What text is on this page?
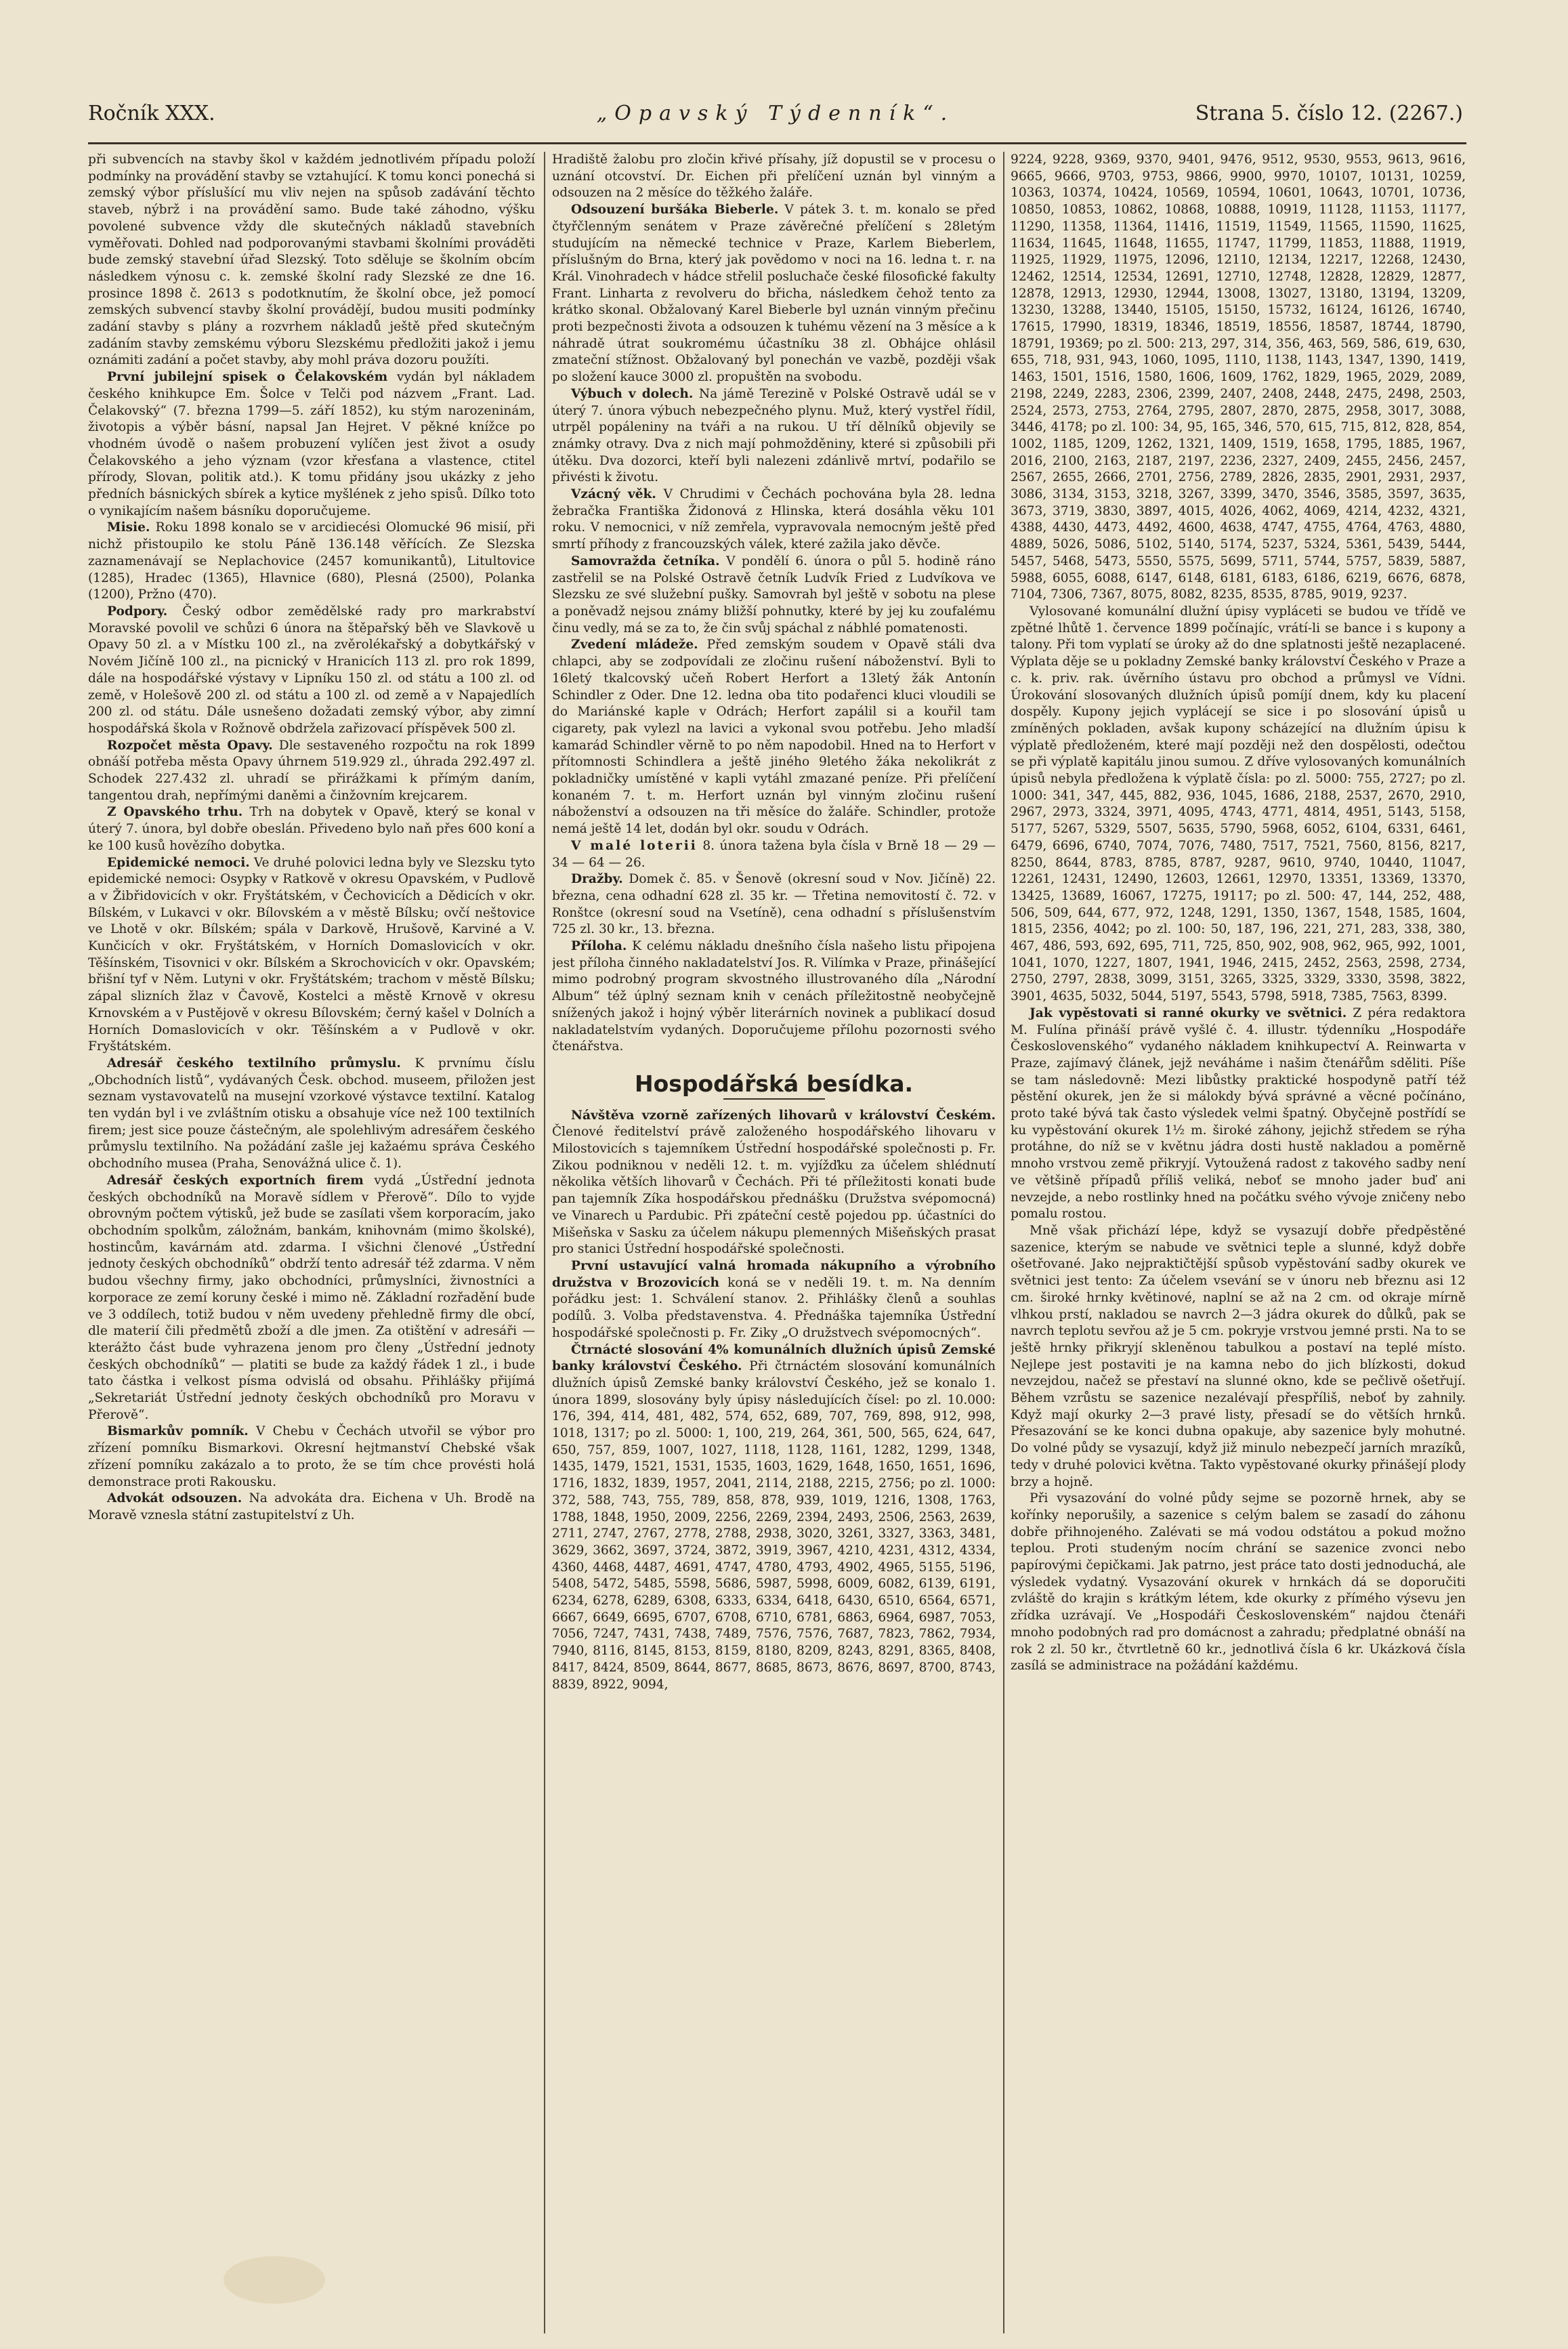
Ročník XXX.	„Opavský Týdenník“.	Strana 5. číslo 12. (2267.)

při subvencích na stavby škol v každém jednotlivém případu položí podmínky na provádění stavby se vztahující. K tomu konci ponechá si zemský výbor příslušící mu vliv nejen na spůsob zadávání těchto staveb, nýbrž i na provádění samo. Bude také záhodno, výšku povolené subvence vždy dle skutečných nákladů stavebních vyměřovati. Dohled nad podporovanými stavbami školními prováděti bude zemský stavební úřad Slezský. Toto sděluje se školním obcím následkem výnosu c. k. zemské školní rady Slezské ze dne 16. prosince 1898 č. 2613 s podotknutím, že školní obce, jež pomocí zemských subvencí stavby školní provádějí, budou musiti podmínky zadání stavby s plány a rozvrhem nákladů ještě před skutečným zadáním stavby zemskému výboru Slezskému předložiti jakož i jemu oznámiti zadání a počet stavby, aby mohl práva dozoru použíti.

První jubilejní spisek o Čelakovském vydán byl nákladem českého knihkupce Em. Šolce v Telči pod názvem „Frant. Lad. Čelakovský“ (7. března 1799—5. září 1852), ku stým narozeninám, životopis a výběr básní, napsal Jan Hejret. V pěkné knížce po vhodném úvodě o našem probuzení vylíčen jest život a osudy Čelakovského a jeho význam (vzor křesťana a vlastence, ctitel přírody, Slovan, politik atd.). K tomu přidány jsou ukázky z jeho předních básnických sbírek a kytice myšlének z jeho spisů. Dílko toto o vynikajícím našem básníku doporučujeme.

Misie. Roku 1898 konalo se v arcidiecési Olomucké 96 misií, při nichž přistoupilo ke stolu Páně 136.148 věřících. Ze Slezska zaznamenávají se Neplachovice (2457 komunikantů), Litultovice (1285), Hradec (1365), Hlavnice (680), Plesná (2500), Polanka (1200), Pržno (470).

Podpory. Český odbor zemědělské rady pro markrabství Moravské povolil ve schůzi 6 února na štěpařský běh ve Slavkově u Opavy 50 zl. a v Místku 100 zl., na zvěrolékařský a dobytkářský v Novém Jičíně 100 zl., na picnický v Hranicích 113 zl. pro rok 1899, dále na hospodářské výstavy v Lipníku 150 zl. od státu a 100 zl. od země, v Holešově 200 zl. od státu a 100 zl. od země a v Napajedlích 200 zl. od státu. Dále usnešeno dožadati zemský výbor, aby zimní hospodářská škola v Rožnově obdržela zařizovací příspěvek 500 zl.

Rozpočet města Opavy. Dle sestaveného rozpočtu na rok 1899 obnáší potřeba města Opavy úhrnem 519.929 zl., úhrada 292.497 zl. Schodek 227.432 zl. uhradí se přirážkami k přímým daním, tangentou drah, nepřímými daněmi a činžovním krejcarem.

Z Opavského trhu. Trh na dobytek v Opavě, který se konal v úterý 7. února, byl dobře obeslán. Přivedeno bylo naň přes 600 koní a ke 100 kusů hovězího dobytka.

Epidemické nemoci. Ve druhé polovici ledna byly ve Slezsku tyto epidemické nemoci: Osypky v Ratkově v okresu Opavském, v Pudlově a v Žibřidovicích v okr. Fryštátském, v Čechovicích a Dědicích v okr. Bílském, v Lukavci v okr. Bílovském a v městě Bílsku; ovčí neštovice ve Lhotě v okr. Bílském; spála v Darkově, Hrušově, Karviné a V. Kunčicích v okr. Fryštátském, v Horních Domaslovicích v okr. Těšínském, Tisovnici v okr. Bílském a Skrochovicích v okr. Opavském; břišní tyf v Něm. Lutyni v okr. Fryštátském; trachom v městě Bílsku; zápal slizních žlaz v Čavově, Kostelci a městě Krnově v okresu Krnovském a v Pustějově v okresu Bílovském; černý kašel v Dolních a Horních Domaslovicích v okr. Těšínském a v Pudlově v okr. Fryštátském.

Adresář českého textilního průmyslu. K prvnímu číslu „Obchodních listů“, vydávaných Česk. obchod. museem, přiložen jest seznam vystavovatelů na musejní vzorkové výstavce textilní. Katalog ten vydán byl i ve zvláštním otisku a obsahuje více než 100 textilních firem; jest sice pouze částečným, ale spolehlivým adresářem českého průmyslu textilního. Na požádání zašle jej kažaému správa Českého obchodního musea (Praha, Senovážná ulice č. 1).

Adresář českých exportních firem vydá „Ústřední jednota českých obchodníků na Moravě sídlem v Přerově“. Dílo to vyjde obrovným počtem výtisků, jež bude se zasílati všem korporacím, jako obchodním spolkům, záložnám, bankám, knihovnám (mimo školské), hostincům, kavárnám atd. zdarma. I všichni členové „Ústřední jednoty českých obchodníků“ obdrží tento adresář též zdarma. V něm budou všechny firmy, jako obchodníci, průmyslníci, živnostníci a korporace ze zemí koruny české i mimo ně. Základní rozřadění bude ve 3 oddílech, totiž budou v něm uvedeny přehledně firmy dle obcí, dle materií čili předmětů zboží a dle jmen. Za otištění v adresáři — kterážto část bude vyhrazena jenom pro členy „Ústřední jednoty českých obchodníků“ — platiti se bude za každý řádek 1 zl., i bude tato částka i velkost písma odvislá od obsahu. Přihlášky přijímá „Sekretariát Ústřední jednoty českých obchodníků pro Moravu v Přerově“.

Bismarkův pomník. V Chebu v Čechách utvořil se výbor pro zřízení pomníku Bismarkovi. Okresní hejtmanství Chebské však zřízení pomníku zakázalo a to proto, že se tím chce provésti holá demonstrace proti Rakousku.

Advokát odsouzen. Na advokáta dra. Eichena v Uh. Brodě na Moravě vznesla státní zastupitelství z Uh.

Hradiště žalobu pro zločin křivé přísahy, jíž dopustil se v procesu o uznání otcovství. Dr. Eichen při přelíčení uznán byl vinným a odsouzen na 2 měsíce do těžkého žaláře.

Odsouzení buršáka Bieberle. V pátek 3. t. m. konalo se před čtyřčlenným senátem v Praze závěrečné přelíčení s 28letým studujícím na německé technice v Praze, Karlem Bieberlem, příslušným do Brna, který jak povědomo v noci na 16. ledna t. r. na Král. Vinohradech v hádce střelil posluchače české filosofické fakulty Frant. Linharta z revolveru do břicha, následkem čehož tento za krátko skonal. Obžalovaný Karel Bieberle byl uznán vinným přečinu proti bezpečnosti života a odsouzen k tuhému vězení na 3 měsíce a k náhradě útrat soukromému účastníku 38 zl. Obhájce ohlásil zmateční stížnost. Obžalovaný byl ponechán ve vazbě, později však po složení kauce 3000 zl. propuštěn na svobodu.

Výbuch v dolech. Na jámě Terezině v Polské Ostravě udál se v úterý 7. února výbuch nebezpečného plynu. Muž, který vystřel řídil, utrpěl popáleniny na tváři a na rukou. U tří dělníků objevily se známky otravy. Dva z nich mají pohmožděniny, které si způsobili při útěku. Dva dozorci, kteří byli nalezeni zdánlivě mrtví, podařilo se přivésti k životu.

Vzácný věk. V Chrudimi v Čechách pochována byla 28. ledna žebračka Františka Židonová z Hlinska, která dosáhla věku 101 roku. V nemocnici, v níž zemřela, vypravovala nemocným ještě před smrtí příhody z francouzských válek, které zažila jako děvče.

Samovražda četníka. V pondělí 6. února o půl 5. hodině ráno zastřelil se na Polské Ostravě četník Ludvík Fried z Ludvíkova ve Slezsku ze své služební pušky. Samovrah byl ještě v sobotu na plese a poněvadž nejsou známy bližší pohnutky, které by jej ku zoufalému činu vedly, má se za to, že čin svůj spáchal z nábhlé pomatenosti.

Zvedení mládeže. Před zemským soudem v Opavě stáli dva chlapci, aby se zodpovídali ze zločinu rušení náboženství. Byli to 16letý tkalcovský učeň Robert Herfort a 13letý žák Antonín Schindler z Oder. Dne 12. ledna oba tito podařenci kluci vloudili se do Mariánské kaple v Odrách; Herfort zapálil si a kouřil tam cigarety, pak vylezl na lavici a vykonal svou potřebu. Jeho mladší kamarád Schindler věrně to po něm napodobil. Hned na to Herfort v přítomnosti Schindlera a ještě jiného 9letého žáka nekolikrát z pokladničky umístěné v kapli vytáhl zmazané peníze. Při přelíčení konaném 7. t. m. Herfort uznán byl vinným zločinu rušení náboženství a odsouzen na tři měsíce do žaláře. Schindler, protože nemá ještě 14 let, dodán byl okr. soudu v Odrách.

V malé loterii 8. února tažena byla čísla v Brně 18 — 29 — 34 — 64 — 26.

Dražby. Domek č. 85. v Šenově (okresní soud v Nov. Jičíně) 22. března, cena odhadní 628 zl. 35 kr. — Třetina nemovitostí č. 72. v Ronštce (okresní soud na Vsetíně), cena odhadní s příslušenstvím 725 zl. 30 kr., 13. března.

Příloha. K celému nákladu dnešního čísla našeho listu připojena jest příloha činného nakladatelství Jos. R. Vilímka v Praze, přinášející mimo podrobný program skvostného illustrovaného díla „Národní Album“ též úplný seznam knih v cenách příležitostně neobyčejně snížených jakož i hojný výběr literárních novinek a publikací dosud nakladatelstvím vydaných. Doporučujeme přílohu pozornosti svého čtenářstva.

Hospodářská besídka.

Návštěva vzorně zařízených lihovarů v království Českém. Členové ředitelství právě založeného hospodářského lihovaru v Milostovicích s tajemníkem Ústřední hospodářské společnosti p. Fr. Zikou podniknou v neděli 12. t. m. vyjížďku za účelem shlédnutí několika větších lihovarů v Čechách. Při té příležitosti konati bude pan tajemník Zíka hospodářskou přednášku (Družstva svépomocná) ve Vinarech u Pardubic. Při zpáteční cestě pojedou pp. účastníci do Mišeňska v Sasku za účelem nákupu plemenných Mišeňských prasat pro stanici Ústřední hospodářské společnosti.

První ustavující valná hromada nákupního a výrobního družstva v Brozovicích koná se v neděli 19. t. m. Na denním pořádku jest: 1. Schválení stanov. 2. Přihlášky členů a souhlas podílů. 3. Volba představenstva. 4. Přednáška tajemníka Ústřední hospodářské společnosti p. Fr. Ziky „O družstvech svépomocných“.

Čtrnácté slosování 4% komunálních dlužních úpisů Zemské banky království Českého. Při čtrnáctém slosování komunálních dlužních úpisů Zemské banky království Českého, jež se konalo 1. února 1899, slosovány byly úpisy následujících čísel: po zl. 10.000: 176, 394, 414, 481, 482, 574, 652, 689, 707, 769, 898, 912, 998, 1018, 1317; po zl. 5000: 1, 100, 219, 264, 361, 500, 565, 624, 647, 650, 757, 859, 1007, 1027, 1118, 1128, 1161, 1282, 1299, 1348, 1435, 1479, 1521, 1531, 1535, 1603, 1629, 1648, 1650, 1651, 1696, 1716, 1832, 1839, 1957, 2041, 2114, 2188, 2215, 2756; po zl. 1000: 372, 588, 743, 755, 789, 858, 878, 939, 1019, 1216, 1308, 1763, 1788, 1848, 1950, 2009, 2256, 2269, 2394, 2493, 2506, 2563, 2639, 2711, 2747, 2767, 2778, 2788, 2938, 3020, 3261, 3327, 3363, 3481, 3629, 3662, 3697, 3724, 3872, 3919, 3967, 4210, 4231, 4312, 4334, 4360, 4468, 4487, 4691, 4747, 4780, 4793, 4902, 4965, 5155, 5196, 5408, 5472, 5485, 5598, 5686, 5987, 5998, 6009, 6082, 6139, 6191, 6234, 6278, 6289, 6308, 6333, 6334, 6418, 6430, 6510, 6564, 6571, 6667, 6649, 6695, 6707, 6708, 6710, 6781, 6863, 6964, 6987, 7053, 7056, 7247, 7431, 7438, 7489, 7576, 7576, 7687, 7823, 7862, 7934, 7940, 8116, 8145, 8153, 8159, 8180, 8209, 8243, 8291, 8365, 8408, 8417, 8424, 8509, 8644, 8677, 8685, 8673, 8676, 8697, 8700, 8743, 8839, 8922, 9094,

9224, 9228, 9369, 9370, 9401, 9476, 9512, 9530, 9553, 9613, 9616, 9665, 9666, 9703, 9753, 9866, 9900, 9970, 10107, 10131, 10259, 10363, 10374, 10424, 10569, 10594, 10601, 10643, 10701, 10736, 10850, 10853, 10862, 10868, 10888, 10919, 11128, 11153, 11177, 11290, 11358, 11364, 11416, 11519, 11549, 11565, 11590, 11625, 11634, 11645, 11648, 11655, 11747, 11799, 11853, 11888, 11919, 11925, 11929, 11975, 12096, 12110, 12134, 12217, 12268, 12430, 12462, 12514, 12534, 12691, 12710, 12748, 12828, 12829, 12877, 12878, 12913, 12930, 12944, 13008, 13027, 13180, 13194, 13209, 13230, 13288, 13440, 15105, 15150, 15732, 16124, 16126, 16740, 17615, 17990, 18319, 18346, 18519, 18556, 18587, 18744, 18790, 18791, 19369; po zl. 500: 213, 297, 314, 356, 463, 569, 586, 619, 630, 655, 718, 931, 943, 1060, 1095, 1110, 1138, 1143, 1347, 1390, 1419, 1463, 1501, 1516, 1580, 1606, 1609, 1762, 1829, 1965, 2029, 2089, 2198, 2249, 2283, 2306, 2399, 2407, 2408, 2448, 2475, 2498, 2503, 2524, 2573, 2753, 2764, 2795, 2807, 2870, 2875, 2958, 3017, 3088, 3446, 4178; po zl. 100: 34, 95, 165, 346, 570, 615, 715, 812, 828, 854, 1002, 1185, 1209, 1262, 1321, 1409, 1519, 1658, 1795, 1885, 1967, 2016, 2100, 2163, 2187, 2197, 2236, 2327, 2409, 2455, 2456, 2457, 2567, 2655, 2666, 2701, 2756, 2789, 2826, 2835, 2901, 2931, 2937, 3086, 3134, 3153, 3218, 3267, 3399, 3470, 3546, 3585, 3597, 3635, 3673, 3719, 3830, 3897, 4015, 4026, 4062, 4069, 4214, 4232, 4321, 4388, 4430, 4473, 4492, 4600, 4638, 4747, 4755, 4764, 4763, 4880, 4889, 5026, 5086, 5102, 5140, 5174, 5237, 5324, 5361, 5439, 5444, 5457, 5468, 5473, 5550, 5575, 5699, 5711, 5744, 5757, 5839, 5887, 5988, 6055, 6088, 6147, 6148, 6181, 6183, 6186, 6219, 6676, 6878, 7104, 7306, 7367, 8075, 8082, 8235, 8535, 8785, 9019, 9237.

Vylosované komunální dlužní úpisy vypláceti se budou ve třídě ve zpětné lhůtě 1. července 1899 počínajíc, vrátí-li se bance i s kupony a talony. Při tom vyplatí se úroky až do dne splatnosti ještě nezaplacené. Výplata děje se u pokladny Zemské banky království Českého v Praze a c. k. priv. rak. úvěrního ústavu pro obchod a průmysl ve Vídni. Úrokování slosovaných dlužních úpisů pomíjí dnem, kdy ku placení dospěly. Kupony jejich vyplácejí se sice i po slosování úpisů u zmíněných pokladen, avšak kupony scházející na dlužním úpisu k výplatě předloženém, které mají později než den dospělosti, odečtou se při výplatě kapitálu jinou sumou. Z dříve vylosovaných komunálních úpisů nebyla předložena k výplatě čísla: po zl. 5000: 755, 2727; po zl. 1000: 341, 347, 445, 882, 936, 1045, 1686, 2188, 2537, 2670, 2910, 2967, 2973, 3324, 3971, 4095, 4743, 4771, 4814, 4951, 5143, 5158, 5177, 5267, 5329, 5507, 5635, 5790, 5968, 6052, 6104, 6331, 6461, 6479, 6696, 6740, 7074, 7076, 7480, 7517, 7521, 7560, 8156, 8217, 8250, 8644, 8783, 8785, 8787, 9287, 9610, 9740, 10440, 11047, 12261, 12431, 12490, 12603, 12661, 12970, 13351, 13369, 13370, 13425, 13689, 16067, 17275, 19117; po zl. 500: 47, 144, 252, 488, 506, 509, 644, 677, 972, 1248, 1291, 1350, 1367, 1548, 1585, 1604, 1815, 2356, 4042; po zl. 100: 50, 187, 196, 221, 271, 283, 338, 380, 467, 486, 593, 692, 695, 711, 725, 850, 902, 908, 962, 965, 992, 1001, 1041, 1070, 1227, 1807, 1941, 1946, 2415, 2452, 2563, 2598, 2734, 2750, 2797, 2838, 3099, 3151, 3265, 3325, 3329, 3330, 3598, 3822, 3901, 4635, 5032, 5044, 5197, 5543, 5798, 5918, 7385, 7563, 8399.

Jak vypěstovati si ranné okurky ve světnici. Z péra redaktora M. Fulína přináší právě vyšlé č. 4. illustr. týdenníku „Hospodáře Československého“ vydaného nákladem knihkupectví A. Reinwarta v Praze, zajímavý článek, jejž neváháme i našim čtenářům sděliti. Píše se tam následovně: Mezi libůstky praktické hospodyně patří též pěstění okurek, jen že si málokdy bývá správné a věcné počínáno, proto také bývá tak často výsledek velmi špatný. Obyčejně postřídí se ku vypěstování okurek 1½ m. široké záhony, jejichž středem se rýha protáhne, do níž se v květnu jádra dosti hustě nakladou a poměrně mnoho vrstvou země přikryjí. Vytoužená radost z takového sadby není ve většině případů příliš veliká, neboť se mnoho jader buď ani nevzejde, a nebo rostlinky hned na počátku svého vývoje zničeny nebo pomalu rostou.

Mně však přichází lépe, když se vysazují dobře předpěstěné sazenice, kterým se nabude ve světnici teple a slunné, když dobře ošetřované. Jako nejpraktičtější spůsob vypěstování sadby okurek ve světnici jest tento: Za účelem vsevání se v únoru neb březnu asi 12 cm. široké hrnky květinové, naplní se až na 2 cm. od okraje mírně vlhkou prstí, nakladou se navrch 2—3 jádra okurek do důlků, pak se navrch teplotu sevřou až je 5 cm. pokryje vrstvou jemné prsti. Na to se ještě hrnky přikryjí skleněnou tabulkou a postaví na teplé místo. Nejlepe jest postaviti je na kamna nebo do jich blízkosti, dokud nevzejdou, načež se přestaví na slunné okno, kde se pečlivě ošetřují. Během vzrůstu se sazenice nezalévají přespříliš, neboť by zahnily. Když mají okurky 2—3 pravé listy, přesadí se do větších hrnků. Přesazování se ke konci dubna opakuje, aby sazenice byly mohutné. Do volné půdy se vysazují, když již minulo nebezpečí jarních mrazíků, tedy v druhé polovici května. Takto vypěstované okurky přinášejí plody brzy a hojně.

Při vysazování do volné půdy sejme se pozorně hrnek, aby se kořínky neporušily, a sazenice s celým balem se zasadí do záhonu dobře přihnojeného. Zalévati se má vodou odstátou a pokud možno teplou. Proti studeným nocím chrání se sazenice zvonci nebo papírovými čepičkami. Jak patrno, jest práce tato dosti jednoduchá, ale výsledek vydatný. Vysazování okurek v hrnkách dá se doporučiti zvláště do krajin s krátkým létem, kde okurky z přímého výsevu jen zřídka uzrávají. Ve „Hospodáři Československém“ najdou čtenáři mnoho podobných rad pro domácnost a zahradu; předplatné obnáší na rok 2 zl. 50 kr., čtvrtletně 60 kr., jednotlivá čísla 6 kr. Ukázková čísla zasílá se administrace na požádání každému.
